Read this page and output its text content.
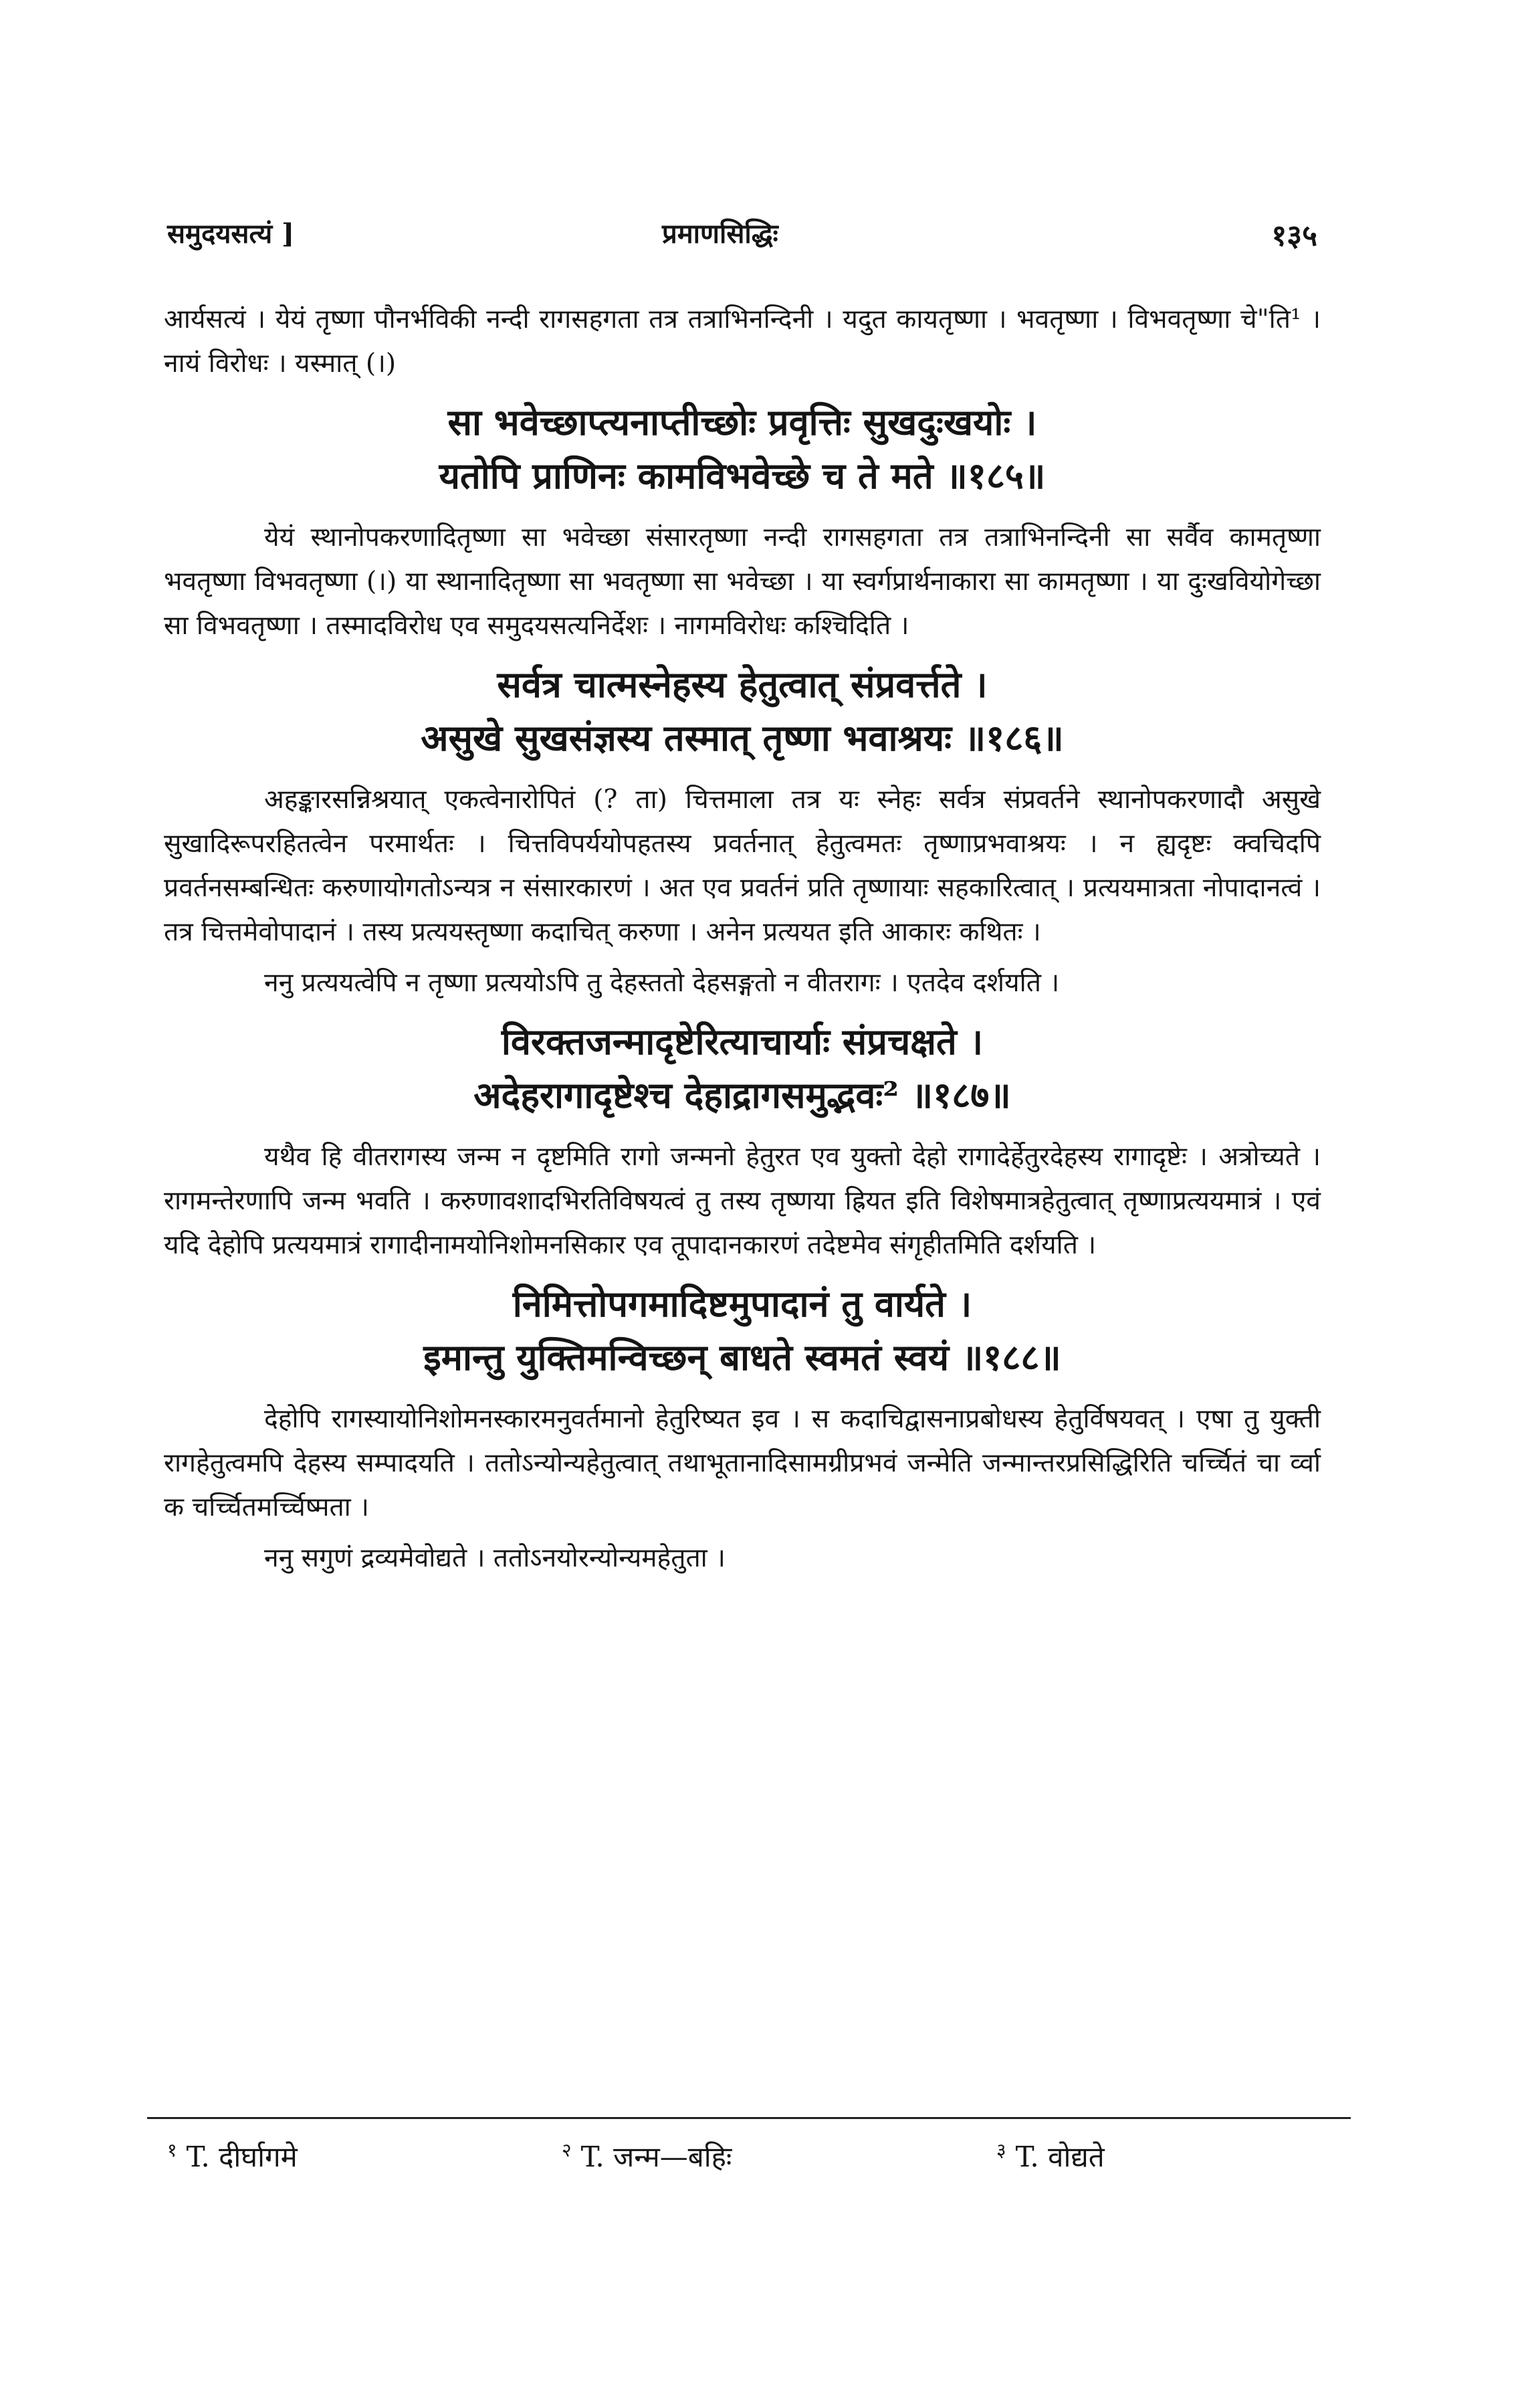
समुदयसत्यं ]	प्रमाणसिद्धिः	१३५

आर्यसत्यं । येयं तृष्णा पौनर्भविकी नन्दी रागसहगता तत्र तत्राभिनन्दिनी । यदुत कायतृष्णा । भवतृष्णा । विभवतृष्णा चे"ति¹ । नायं विरोधः । यस्मात् (।)

सा भवेच्छाप्त्यनाप्तीच्छोः प्रवृत्तिः सुखदुःखयोः ।
यतोपि प्राणिनः कामविभवेच्छे च ते मते ॥१८५॥

येयं स्थानोपकरणादितृष्णा सा भवेच्छा संसारतृष्णा नन्दी रागसहगता तत्र तत्राभिनन्दिनी सा सर्वैव कामतृष्णा भवतृष्णा विभवतृष्णा (।) या स्थानादितृष्णा सा भवतृष्णा सा भवेच्छा । या स्वर्गप्रार्थनाकारा सा कामतृष्णा । या दुःखवियोगेच्छा सा विभवतृष्णा । तस्मादविरोध एव समुदयसत्यनिर्देशः । नागमविरोधः कश्चिदिति ।

सर्वत्र चात्मस्नेहस्य हेतुत्वात् संप्रवर्त्तते ।
असुखे सुखसंज्ञस्य तस्मात् तृष्णा भवाश्रयः ॥१८६॥

अहङ्कारसन्निश्रयात् एकत्वेनारोपितं (? ता) चित्तमाला तत्र यः स्नेहः सर्वत्र संप्रवर्तने स्थानोपकरणादौ असुखे सुखादिरूपरहितत्वेन परमार्थतः । चित्तविपर्ययोपहतस्य प्रवर्तनात् हेतुत्वमतः तृष्णाप्रभवाश्रयः । न ह्यदृष्टः क्वचिदपि प्रवर्तनसम्बन्धितः करुणायोगतोऽन्यत्र न संसारकारणं । अत एव प्रवर्तनं प्रति तृष्णायाः सहकारित्वात् । प्रत्ययमात्रता नोपादानत्वं । तत्र चित्तमेवोपादानं । तस्य प्रत्ययस्तृष्णा कदाचित् करुणा । अनेन प्रत्ययत इति आकारः कथितः ।

ननु प्रत्ययत्वेपि न तृष्णा प्रत्ययोऽपि तु देहस्ततो देहसङ्गतो न वीतरागः । एतदेव दर्शयति ।

विरक्तजन्मादृष्टेरित्याचार्याः संप्रचक्षते ।
अदेहरागादृष्टेश्च देहाद्रागसमुद्भवः² ॥१८७॥

यथैव हि वीतरागस्य जन्म न दृष्टमिति रागो जन्मनो हेतुरत एव युक्तो देहो रागादेर्हेतुरदेहस्य रागादृष्टेः । अत्रोच्यते । रागमन्तेरणापि जन्म भवति । करुणावशादभिरतिविषयत्वं तु तस्य तृष्णया ह्रियत इति विशेषमात्रहेतुत्वात् तृष्णाप्रत्ययमात्रं । एवं यदि देहोपि प्रत्ययमात्रं रागादीनामयोनिशोमनसिकार एव तूपादानकारणं तदेष्टमेव संगृहीतमिति दर्शयति ।

निमित्तोपगमादिष्टमुपादानं तु वार्यते ।
इमान्तु युक्तिमन्विच्छन् बाधते स्वमतं स्वयं ॥१८८॥

देहोपि रागस्यायोनिशोमनस्कारमनुवर्तमानो हेतुरिष्यत इव । स कदाचिद्वासनाप्रबोधस्य हेतुर्विषयवत् । एषा तु युक्ती रागहेतुत्वमपि देहस्य सम्पादयति । ततोऽन्योन्यहेतुत्वात् तथाभूतानादिसामग्रीप्रभवं जन्मेति जन्मान्तरप्रसिद्धिरिति चर्च्चितं चा र्व्वा क चर्च्चितमर्च्चिष्मता ।

ननु सगुणं द्रव्यमेवोद्यते । ततोऽनयोरन्योन्यमहेतुता ।

$^१$ T. दीर्घागमे	$^२$ T. जन्म—बहिः	$^३$ T. वोद्यते
